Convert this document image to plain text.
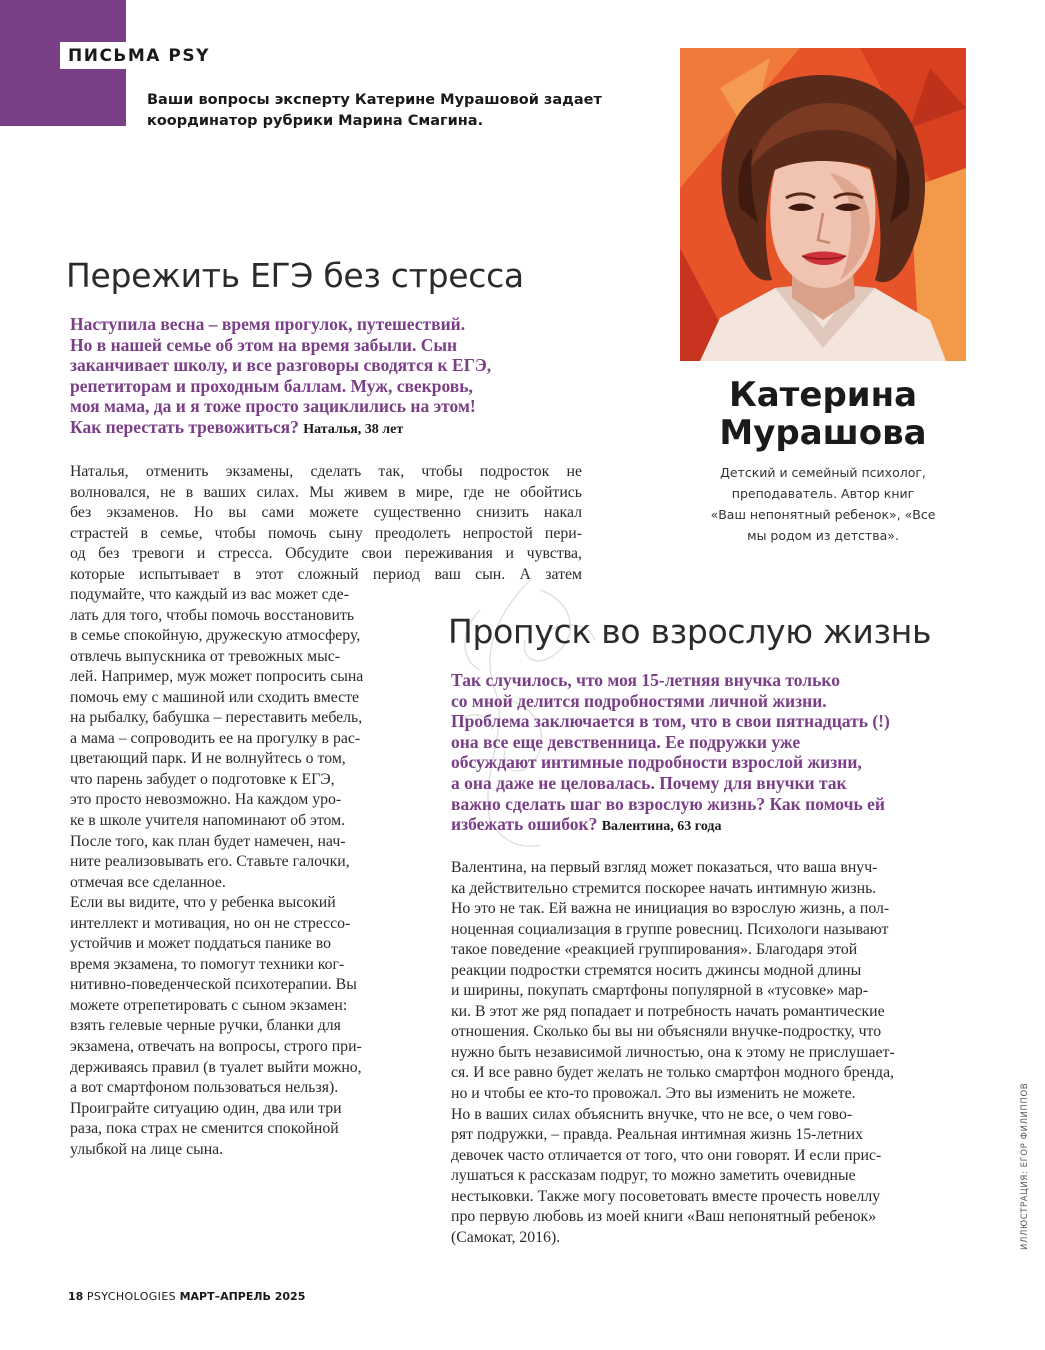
ПИСЬМА PSY
Ваши вопросы эксперту Катерине Мурашовой задает
координатор рубрики Марина Смагина.
Катерина
Мурашова
Детский и семейный психолог,
преподаватель. Автор книг
«Ваш непонятный ребенок», «Все
мы родом из детства».
Пережить ЕГЭ без стресса
Наступила весна – время прогулок, путешествий.
Но в нашей семье об этом на время забыли. Сын
заканчивает школу, и все разговоры сводятся к ЕГЭ,
репетиторам и проходным баллам. Муж, свекровь,
моя мама, да и я тоже просто зациклились на этом!
Как перестать тревожиться? Наталья, 38 лет
Наталья, отменить экзамены, сделать так, чтобы подросток не
волновался, не в ваших силах. Мы живем в мире, где не обойтись
без экзаменов. Но вы сами можете существенно снизить накал
страстей в семье, чтобы помочь сыну преодолеть непростой пери-
од без тревоги и стресса. Обсудите свои переживания и чувства,
которые испытывает в этот сложный период ваш сын. А затем
подумайте, что каждый из вас может сде-
лать для того, чтобы помочь восстановить
в семье спокойную, дружескую атмосферу,
отвлечь выпускника от тревожных мыс-
лей. Например, муж может попросить сына
помочь ему с машиной или сходить вместе
на рыбалку, бабушка – переставить мебель,
а мама – сопроводить ее на прогулку в рас-
цветающий парк. И не волнуйтесь о том,
что парень забудет о подготовке к ЕГЭ,
это просто невозможно. На каждом уро-
ке в школе учителя напоминают об этом.
После того, как план будет намечен, нач-
ните реализовывать его. Ставьте галочки,
отмечая все сделанное.
Если вы видите, что у ребенка высокий
интеллект и мотивация, но он не стрессо-
устойчив и может поддаться панике во
время экзамена, то помогут техники ког-
нитивно-поведенческой психотерапии. Вы
можете отрепетировать с сыном экзамен:
взять гелевые черные ручки, бланки для
экзамена, отвечать на вопросы, строго при-
держиваясь правил (в туалет выйти можно,
а вот смартфоном пользоваться нельзя).
Проиграйте ситуацию один, два или три
раза, пока страх не сменится спокойной
улыбкой на лице сына.
Пропуск во взрослую жизнь
Так случилось, что моя 15-летняя внучка только
со мной делится подробностями личной жизни.
Проблема заключается в том, что в свои пятнадцать (!)
она все еще девственница. Ее подружки уже
обсуждают интимные подробности взрослой жизни,
а она даже не целовалась. Почему для внучки так
важно сделать шаг во взрослую жизнь? Как помочь ей
избежать ошибок? Валентина, 63 года
Валентина, на первый взгляд может показаться, что ваша внуч-
ка действительно стремится поскорее начать интимную жизнь.
Но это не так. Ей важна не инициация во взрослую жизнь, а пол-
ноценная социализация в группе ровесниц. Психологи называют
такое поведение «реакцией группирования». Благодаря этой
реакции подростки стремятся носить джинсы модной длины
и ширины, покупать смартфоны популярной в «тусовке» мар-
ки. В этот же ряд попадает и потребность начать романтические
отношения. Сколько бы вы ни объясняли внучке-подростку, что
нужно быть независимой личностью, она к этому не прислушает-
ся. И все равно будет желать не только смартфон модного бренда,
но и чтобы ее кто-то провожал. Это вы изменить не можете.
Но в ваших силах объяснить внучке, что не все, о чем гово-
рят подружки, – правда. Реальная интимная жизнь 15-летних
девочек часто отличается от того, что они говорят. И если прис-
лушаться к рассказам подруг, то можно заметить очевидные
нестыковки. Также могу посоветовать вместе прочесть новеллу
про первую любовь из моей книги «Ваш непонятный ребенок»
(Самокат, 2016).	ИЛЛЮСТРАЦИЯ: ЕГОР ФИЛИППОВ
18 PSYCHOLOGIES МАРТ–АПРЕЛЬ 2025
